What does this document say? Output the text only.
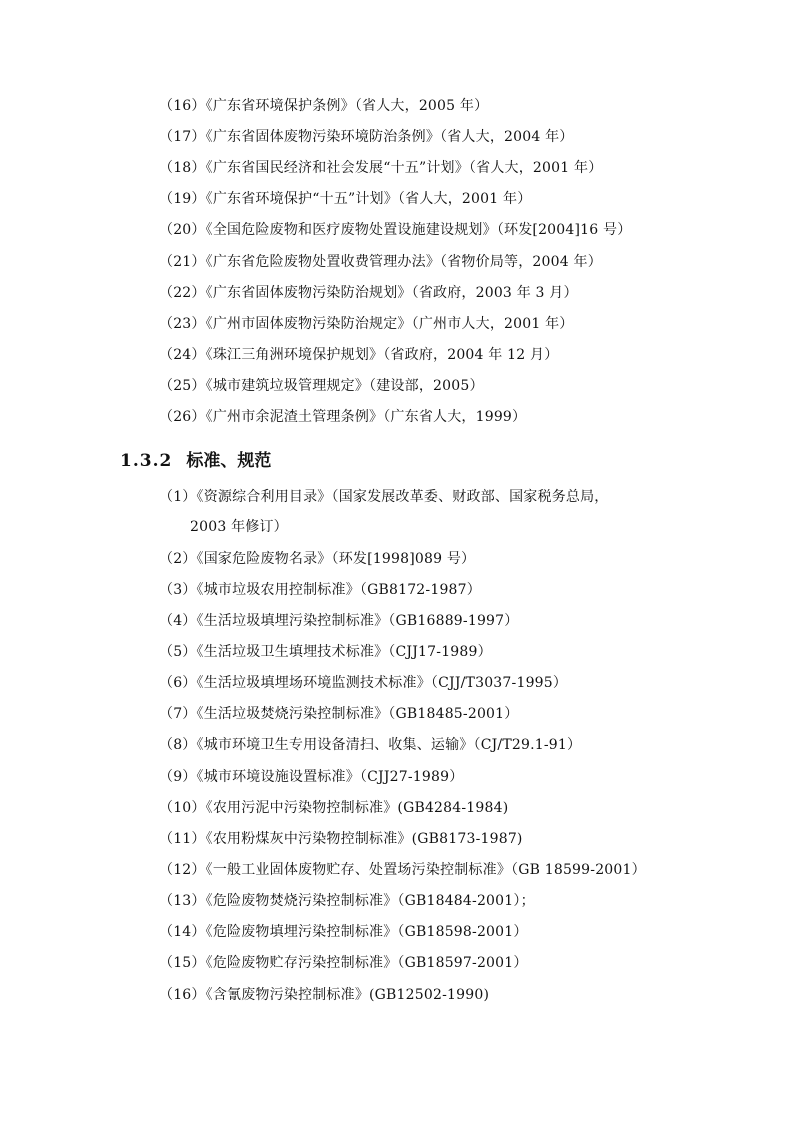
（16）《广东省环境保护条例》（省人大，2005 年）
（17）《广东省固体废物污染环境防治条例》（省人大，2004 年）
（18）《广东省国民经济和社会发展“十五”计划》（省人大，2001 年）
（19）《广东省环境保护“十五”计划》（省人大，2001 年）
（20）《全国危险废物和医疗废物处置设施建设规划》（环发[2004]16 号）
（21）《广东省危险废物处置收费管理办法》（省物价局等，2004 年）
（22）《广东省固体废物污染防治规划》（省政府，2003 年 3 月）
（23）《广州市固体废物污染防治规定》（广州市人大，2001 年）
（24）《珠江三角洲环境保护规划》（省政府，2004 年 12 月）
（25）《城市建筑垃圾管理规定》（建设部，2005）
（26）《广州市余泥渣土管理条例》（广东省人大，1999）
1.3.2 标准、规范
（1）《资源综合利用目录》（国家发展改革委、财政部、国家税务总局，
2003 年修订）
（2）《国家危险废物名录》（环发[1998]089 号）
（3）《城市垃圾农用控制标准》（GB8172-1987）
（4）《生活垃圾填埋污染控制标准》（GB16889-1997）
（5）《生活垃圾卫生填埋技术标准》（CJJ17-1989）
（6）《生活垃圾填埋场环境监测技术标准》（CJJ/T3037-1995）
（7）《生活垃圾焚烧污染控制标准》（GB18485-2001）
（8）《城市环境卫生专用设备清扫、收集、运输》（CJ/T29.1-91）
（9）《城市环境设施设置标准》（CJJ27-1989）
（10）《农用污泥中污染物控制标准》(GB4284-1984)
（11）《农用粉煤灰中污染物控制标准》(GB8173-1987)
（12）《一般工业固体废物贮存、处置场污染控制标准》（GB 18599-2001）
（13）《危险废物焚烧污染控制标准》（GB18484-2001）；
（14）《危险废物填埋污染控制标准》（GB18598-2001）
（15）《危险废物贮存污染控制标准》（GB18597-2001）
（16）《含氰废物污染控制标准》(GB12502-1990)
